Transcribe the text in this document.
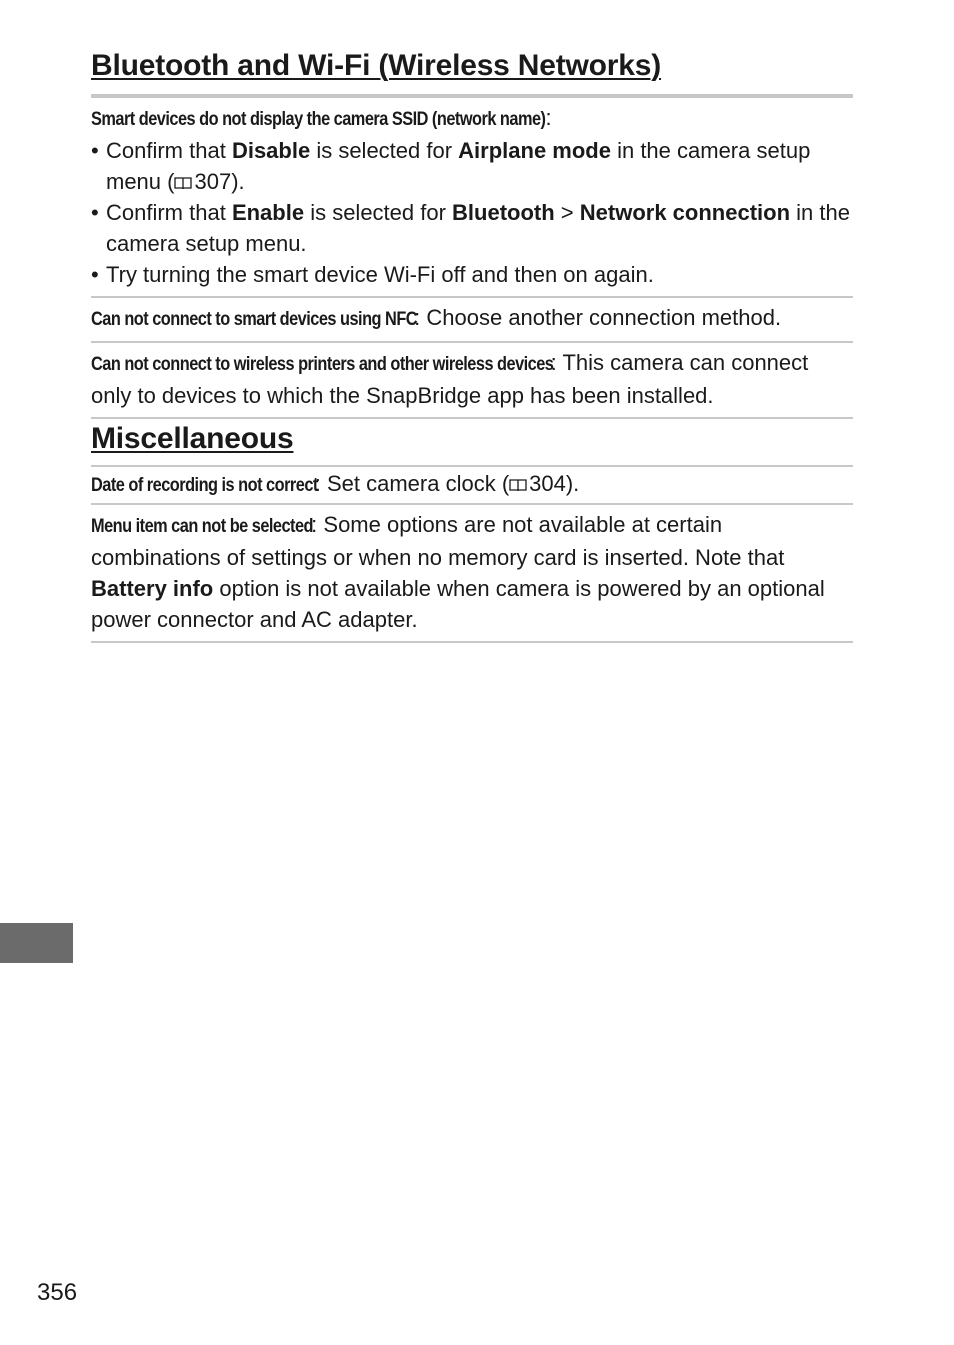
Bluetooth and Wi-Fi (Wireless Networks)
Smart devices do not display the camera SSID (network name):
• Confirm that Disable is selected for Airplane mode in the camera setup menu ( 307).
• Confirm that Enable is selected for Bluetooth > Network connection in the camera setup menu.
• Try turning the smart device Wi-Fi off and then on again.
Can not connect to smart devices using NFC: Choose another connection method.
Can not connect to wireless printers and other wireless devices: This camera can connect only to devices to which the SnapBridge app has been installed.
Miscellaneous
Date of recording is not correct: Set camera clock ( 304).
Menu item can not be selected: Some options are not available at certain combinations of settings or when no memory card is inserted. Note that Battery info option is not available when camera is powered by an optional power connector and AC adapter.
356
